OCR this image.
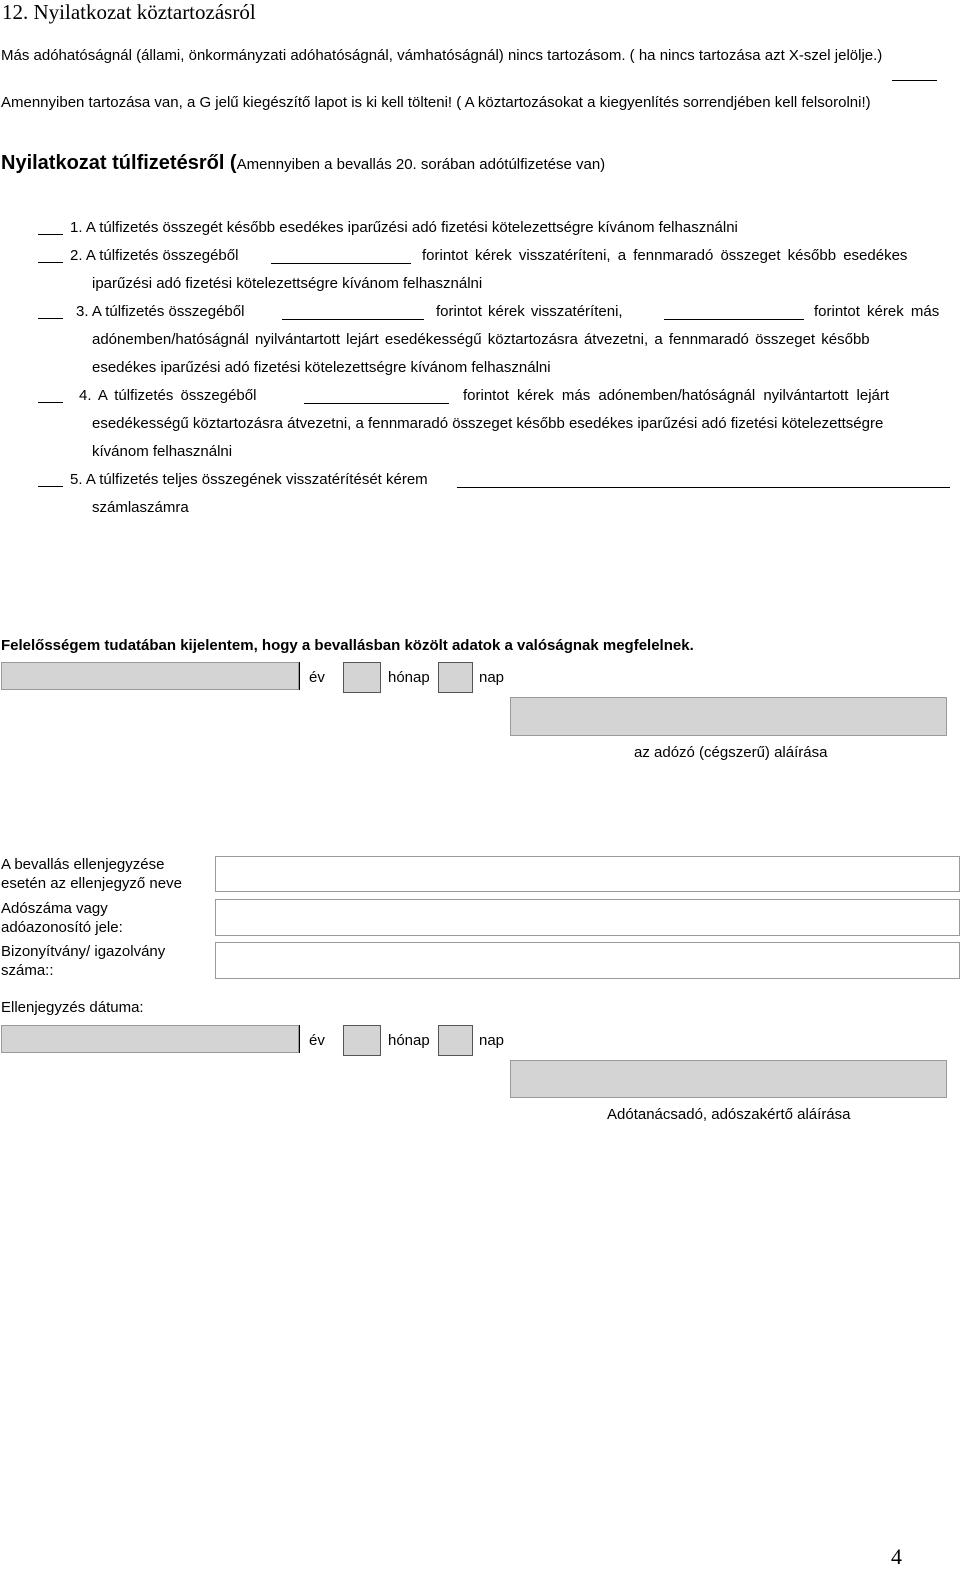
12. Nyilatkozat köztartozásról
Más adóhatóságnál (állami, önkormányzati adóhatóságnál, vámhatóságnál) nincs tartozásom. ( ha nincs tartozása azt X-szel jelölje.)
Amennyiben tartozása van, a G jelű kiegészítő lapot is ki kell tölteni! ( A köztartozásokat a kiegyenlítés sorrendjében kell felsorolni!)
Nyilatkozat túlfizetésről (Amennyiben a bevallás 20. sorában adótúlfizetése van)
1. A túlfizetés összegét később esedékes iparűzési adó fizetési kötelezettségre kívánom felhasználni
2. A túlfizetés összegéből	forintot kérek visszatéríteni, a fennmaradó összeget később esedékes
iparűzési adó fizetési kötelezettségre kívánom felhasználni
3. A túlfizetés összegéből	forintot kérek visszatéríteni,	forintot kérek más
adónemben/hatóságnál nyilvántartott lejárt esedékességű köztartozásra átvezetni, a fennmaradó összeget később
esedékes iparűzési adó fizetési kötelezettségre kívánom felhasználni
4. A túlfizetés összegéből	forintot kérek más adónemben/hatóságnál nyilvántartott lejárt
esedékességű köztartozásra átvezetni, a fennmaradó összeget később esedékes iparűzési adó fizetési kötelezettségre
kívánom felhasználni
5. A túlfizetés teljes összegének visszatérítését kérem
számlaszámra
Felelősségem tudatában kijelentem, hogy a bevallásban közölt adatok a valóságnak megfelelnek.
év	hónap	nap
az adózó (cégszerű) aláírása
A bevallás ellenjegyzése
esetén az ellenjegyző neve
Adószáma vagy
adóazonosító jele:
Bizonyítvány/ igazolvány
száma::
Ellenjegyzés dátuma:
év	hónap	nap
Adótanácsadó, adószakértő aláírása
4
